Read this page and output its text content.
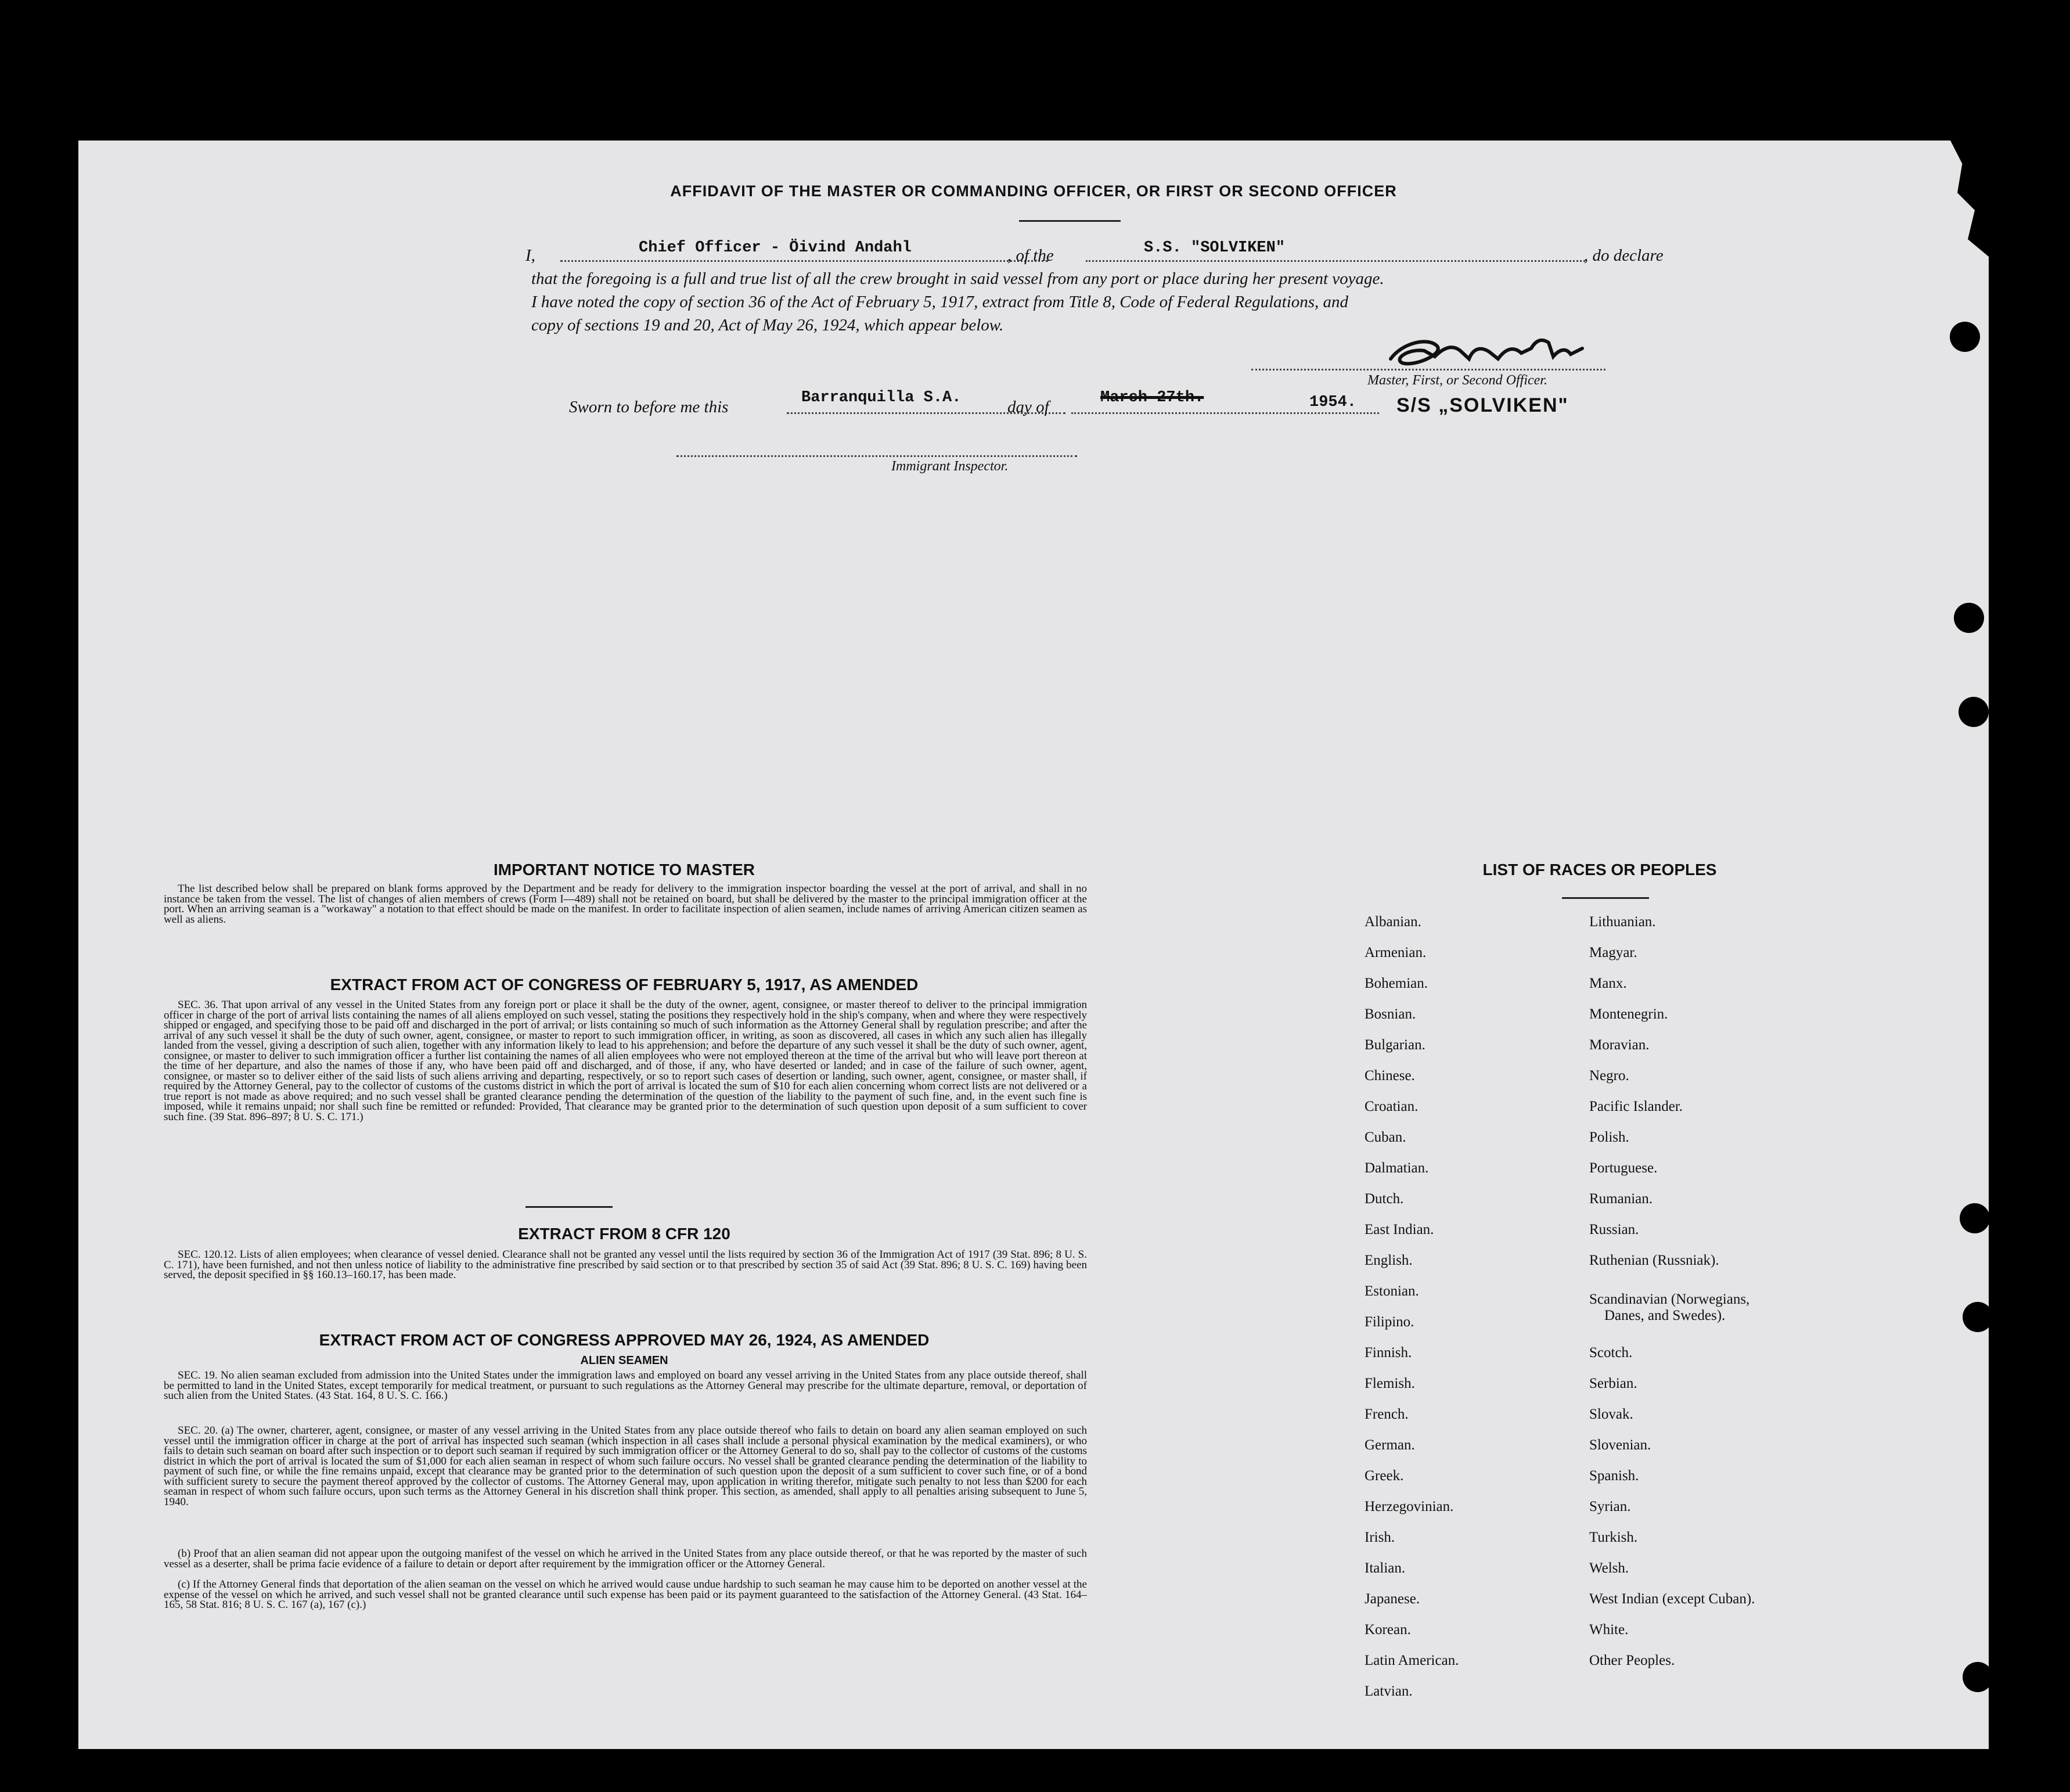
AFFIDAVIT OF THE MASTER OR COMMANDING OFFICER, OR FIRST OR SECOND OFFICER
I,	Chief Officer - Öivind Andahl	, of the	S.S. "SOLVIKEN"	, do declare
that the foregoing is a full and true list of all the crew brought in said vessel from any port or place during her present voyage.
I have noted the copy of section 36 of the Act of February 5, 1917, extract from Title 8, Code of Federal Regulations, and
copy of sections 19 and 20, Act of May 26, 1924, which appear below.
Master, First, or Second Officer.
Sworn to before me this	Barranquilla S.A.	day of	March 27th.	1954. S/S „SOLVIKEN"
Immigrant Inspector.
IMPORTANT NOTICE TO MASTER
The list described below shall be prepared on blank forms approved by the Department and be ready for delivery to the immigration inspector boarding the vessel at the port of arrival, and shall in no instance be taken from the vessel. The list of changes of alien members of crews (Form I—489) shall not be retained on board, but shall be delivered by the master to the principal immigration officer at the port. When an arriving seaman is a "workaway" a notation to that effect should be made on the manifest. In order to facilitate inspection of alien seamen, include names of arriving American citizen seamen as well as aliens.
EXTRACT FROM ACT OF CONGRESS OF FEBRUARY 5, 1917, AS AMENDED
SEC. 36. That upon arrival of any vessel in the United States from any foreign port or place it shall be the duty of the owner, agent, consignee, or master thereof to deliver to the principal immigration officer in charge of the port of arrival lists containing the names of all aliens employed on such vessel, stating the positions they respectively hold in the ship's company, when and where they were respectively shipped or engaged, and specifying those to be paid off and discharged in the port of arrival; or lists containing so much of such information as the Attorney General shall by regulation prescribe; and after the arrival of any such vessel it shall be the duty of such owner, agent, consignee, or master to report to such immigration officer, in writing, as soon as discovered, all cases in which any such alien has illegally landed from the vessel, giving a description of such alien, together with any information likely to lead to his apprehension; and before the departure of any such vessel it shall be the duty of such owner, agent, consignee, or master to deliver to such immigration officer a further list containing the names of all alien employees who were not employed thereon at the time of the arrival but who will leave port thereon at the time of her departure, and also the names of those if any, who have been paid off and discharged, and of those, if any, who have deserted or landed; and in case of the failure of such owner, agent, consignee, or master so to deliver either of the said lists of such aliens arriving and departing, respectively, or so to report such cases of desertion or landing, such owner, agent, consignee, or master shall, if required by the Attorney General, pay to the collector of customs of the customs district in which the port of arrival is located the sum of $10 for each alien concerning whom correct lists are not delivered or a true report is not made as above required; and no such vessel shall be granted clearance pending the determination of the question of the liability to the payment of such fine, and, in the event such fine is imposed, while it remains unpaid; nor shall such fine be remitted or refunded: Provided, That clearance may be granted prior to the determination of such question upon deposit of a sum sufficient to cover such fine. (39 Stat. 896–897; 8 U. S. C. 171.)
EXTRACT FROM 8 CFR 120
SEC. 120.12. Lists of alien employees; when clearance of vessel denied. Clearance shall not be granted any vessel until the lists required by section 36 of the Immigration Act of 1917 (39 Stat. 896; 8 U. S. C. 171), have been furnished, and not then unless notice of liability to the administrative fine prescribed by said section or to that prescribed by section 35 of said Act (39 Stat. 896; 8 U. S. C. 169) having been served, the deposit specified in §§ 160.13–160.17, has been made.
EXTRACT FROM ACT OF CONGRESS APPROVED MAY 26, 1924, AS AMENDED
ALIEN SEAMEN
SEC. 19. No alien seaman excluded from admission into the United States under the immigration laws and employed on board any vessel arriving in the United States from any place outside thereof, shall be permitted to land in the United States, except temporarily for medical treatment, or pursuant to such regulations as the Attorney General may prescribe for the ultimate departure, removal, or deportation of such alien from the United States. (43 Stat. 164, 8 U. S. C. 166.)
SEC. 20. (a) The owner, charterer, agent, consignee, or master of any vessel arriving in the United States from any place outside thereof who fails to detain on board any alien seaman employed on such vessel until the immigration officer in charge at the port of arrival has inspected such seaman (which inspection in all cases shall include a personal physical examination by the medical examiners), or who fails to detain such seaman on board after such inspection or to deport such seaman if required by such immigration officer or the Attorney General to do so, shall pay to the collector of customs of the customs district in which the port of arrival is located the sum of $1,000 for each alien seaman in respect of whom such failure occurs. No vessel shall be granted clearance pending the determination of the liability to payment of such fine, or while the fine remains unpaid, except that clearance may be granted prior to the determination of such question upon the deposit of a sum sufficient to cover such fine, or of a bond with sufficient surety to secure the payment thereof approved by the collector of customs. The Attorney General may, upon application in writing therefor, mitigate such penalty to not less than $200 for each seaman in respect of whom such failure occurs, upon such terms as the Attorney General in his discretion shall think proper. This section, as amended, shall apply to all penalties arising subsequent to June 5, 1940.
(b) Proof that an alien seaman did not appear upon the outgoing manifest of the vessel on which he arrived in the United States from any place outside thereof, or that he was reported by the master of such vessel as a deserter, shall be prima facie evidence of a failure to detain or deport after requirement by the immigration officer or the Attorney General.
(c) If the Attorney General finds that deportation of the alien seaman on the vessel on which he arrived would cause undue hardship to such seaman he may cause him to be deported on another vessel at the expense of the vessel on which he arrived, and such vessel shall not be granted clearance until such expense has been paid or its payment guaranteed to the satisfaction of the Attorney General. (43 Stat. 164–165, 58 Stat. 816; 8 U. S. C. 167 (a), 167 (c).)
LIST OF RACES OR PEOPLES
Albanian.
Armenian.
Bohemian.
Bosnian.
Bulgarian.
Chinese.
Croatian.
Cuban.
Dalmatian.
Dutch.
East Indian.
English.
Estonian.
Filipino.
Finnish.
Flemish.
French.
German.
Greek.
Herzegovinian.
Irish.
Italian.
Japanese.
Korean.
Latin American.
Latvian.
Lithuanian.
Magyar.
Manx.
Montenegrin.
Moravian.
Negro.
Pacific Islander.
Polish.
Portuguese.
Rumanian.
Russian.
Ruthenian (Russniak).
Scandinavian (Norwegians,
Danes, and Swedes).
Scotch.
Serbian.
Slovak.
Slovenian.
Spanish.
Syrian.
Turkish.
Welsh.
West Indian (except Cuban).
White.
Other Peoples.
